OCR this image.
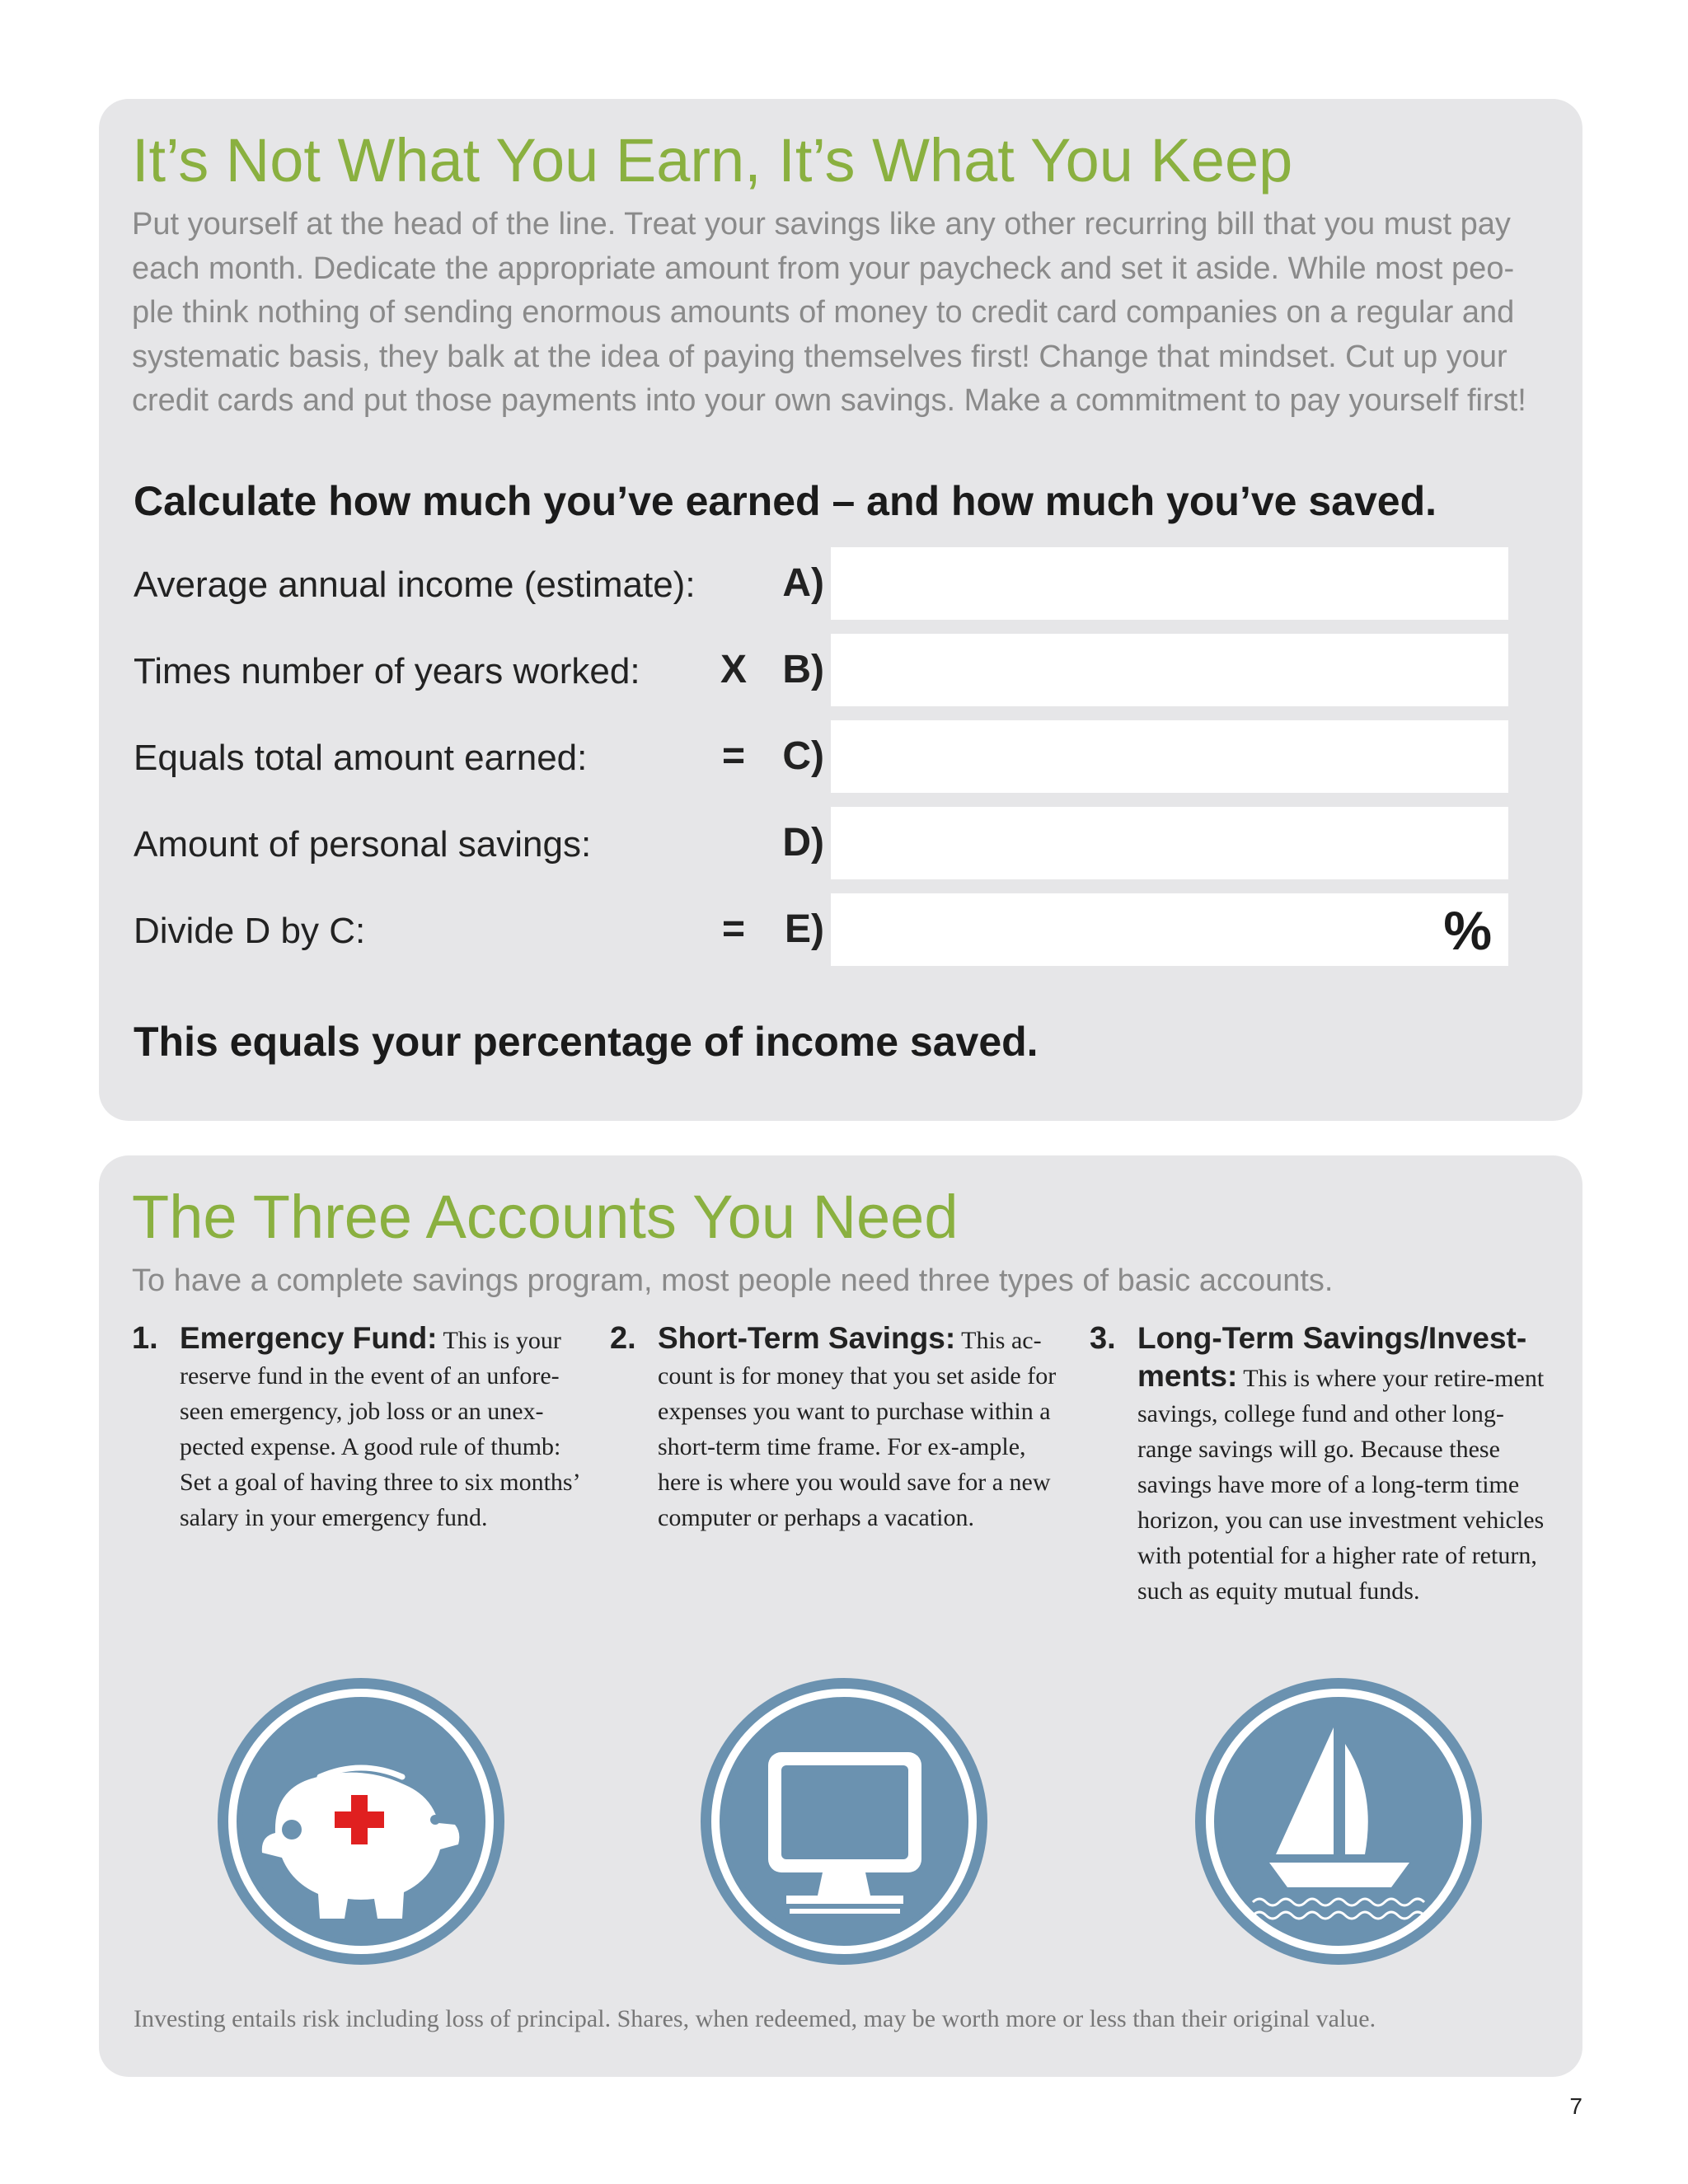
It’s Not What You Earn, It’s What You Keep

Put yourself at the head of the line. Treat your savings like any other recurring bill that you must pay each month. Dedicate the appropriate amount from your paycheck and set it aside. While most peo-ple think nothing of sending enormous amounts of money to credit card companies on a regular and systematic basis, they balk at the idea of paying themselves first! Change that mindset. Cut up your credit cards and put those payments into your own savings. Make a commitment to pay yourself first!

Calculate how much you’ve earned – and how much you’ve saved.
Average annual income (estimate):	A)
Times number of years worked: X B)
Equals total amount earned:	= C)
Amount of personal savings:	D)
Divide D by C:	= E)	%
This equals your percentage of income saved.
The Three Accounts You Need

To have a complete savings program, most people need three types of basic accounts.

1. Emergency Fund: This is your reserve fund in the event of an unfore-seen emergency, job loss or an unex-pected expense. A good rule of thumb: Set a goal of having three to six months’ salary in your emergency fund.

2. Short-Term Savings: This ac-count is for money that you set aside for expenses you want to purchase within a short-term time frame. For ex-ample, here is where you would save for a new computer or perhaps a vacation.

3. Long-Term Savings/Invest-ments: This is where your retire-ment savings, college fund and other long-range savings will go. Because these savings have more of a long-term time horizon, you can use investment vehicles with potential for a higher rate of return, such as equity mutual funds.

Investing entails risk including loss of principal. Shares, when redeemed, may be worth more or less than their original value.

7
